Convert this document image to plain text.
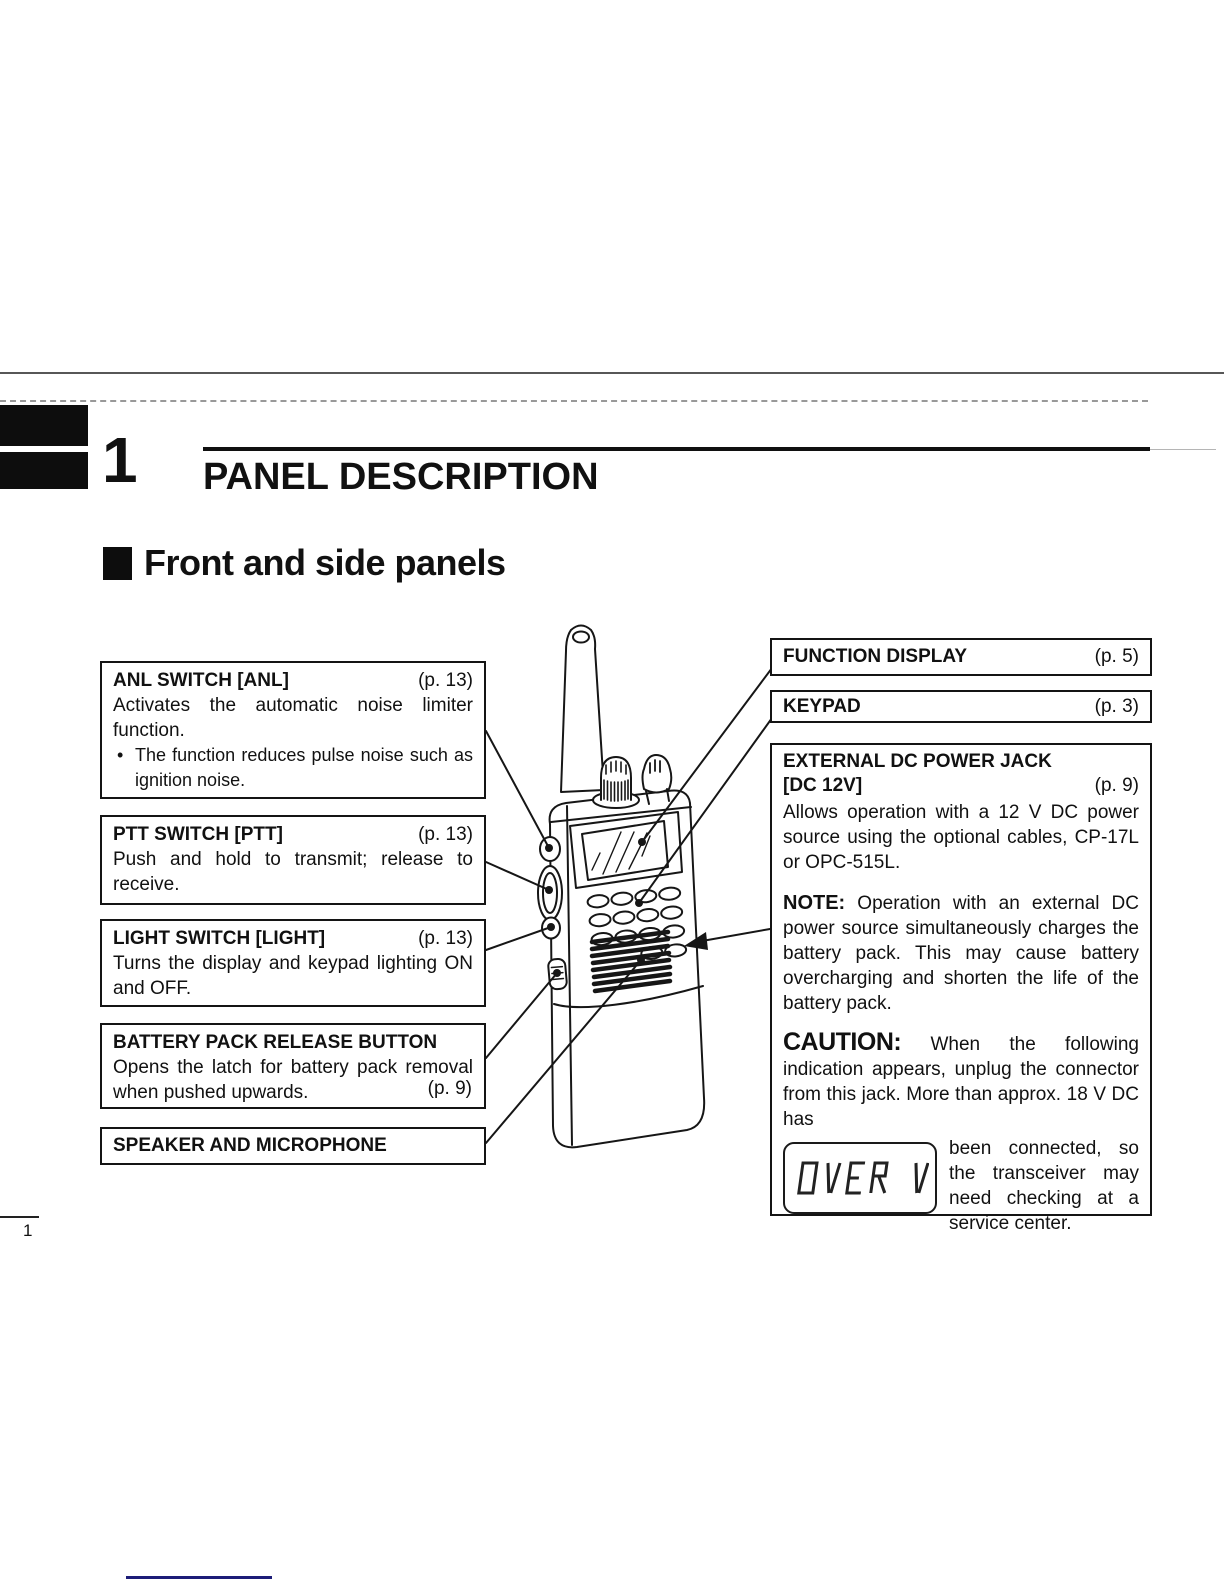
1 PANEL DESCRIPTION
Front and side panels
ANL SWITCH [ANL]	(p. 13)
Activates the automatic noise limiter function.
• The function reduces pulse noise such as ignition noise.
PTT SWITCH [PTT]	(p. 13)
Push and hold to transmit; release to receive.
LIGHT SWITCH [LIGHT]	(p. 13)
Turns the display and keypad lighting ON and OFF.
BATTERY PACK RELEASE BUTTON
Opens the latch for battery pack removal when pushed upwards.	(p. 9)
SPEAKER AND MICROPHONE
FUNCTION DISPLAY	(p. 5)
KEYPAD	(p. 3)
EXTERNAL DC POWER JACK
[DC 12V]	(p. 9)
Allows operation with a 12 V DC power source using the optional cables, CP-17L or OPC-515L.

NOTE: Operation with an external DC power source simultaneously charges the battery pack. This may cause battery overcharging and shorten the life of the battery pack.

CAUTION: When the following indication appears, unplug the connector from this jack. More than approx. 18 V DC has

been connected, so the transceiver may need checking at a service center.
1
